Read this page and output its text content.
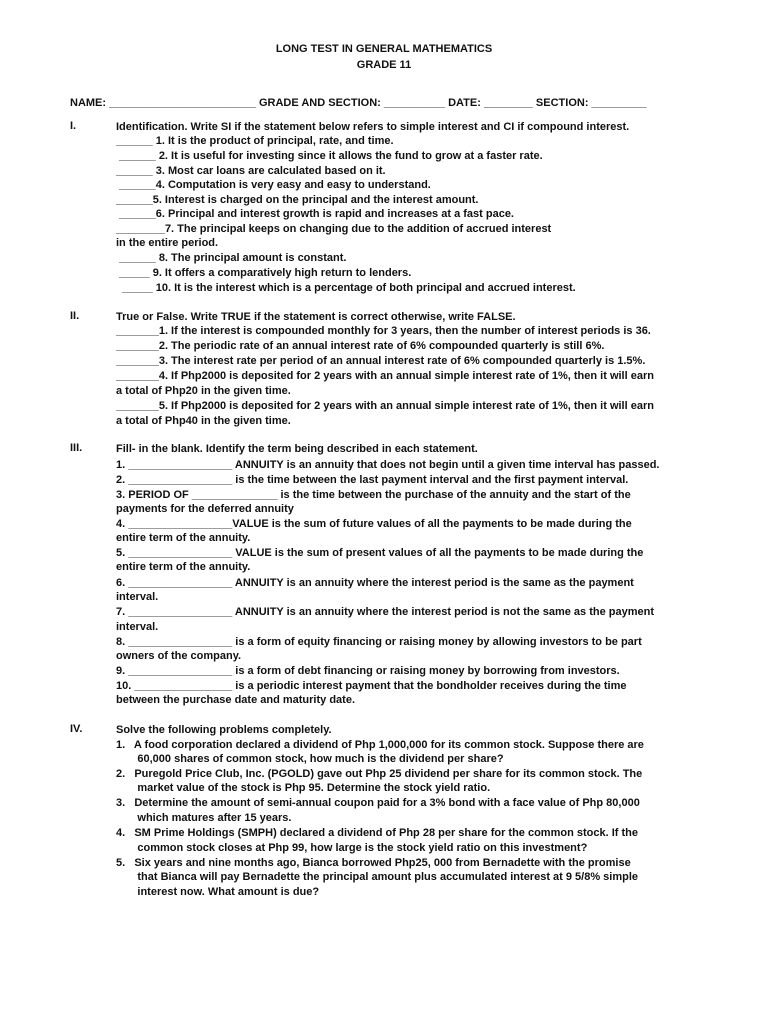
LONG TEST IN GENERAL MATHEMATICS
GRADE 11
NAME: ________________________ GRADE AND SECTION: __________ DATE: ________ SECTION: _________
I.	Identification. Write SI if the statement below refers to simple interest and CI if compound interest.
______ 1. It is the product of principal, rate, and time.
______ 2. It is useful for investing since it allows the fund to grow at a faster rate.
______ 3. Most car loans are calculated based on it.
______4. Computation is very easy and easy to understand.
______5. Interest is charged on the principal and the interest amount.
______6. Principal and interest growth is rapid and increases at a fast pace.
________7. The principal keeps on changing due to the addition of accrued interest
in the entire period.
______ 8. The principal amount is constant.
_____ 9. It offers a comparatively high return to lenders.
_____ 10. It is the interest which is a percentage of both principal and accrued interest.
II.	True or False. Write TRUE if the statement is correct otherwise, write FALSE.
_______1. If the interest is compounded monthly for 3 years, then the number of interest periods is 36.
_______2. The periodic rate of an annual interest rate of 6% compounded quarterly is still 6%.
_______3. The interest rate per period of an annual interest rate of 6% compounded quarterly is 1.5%.
_______4. If Php2000 is deposited for 2 years with an annual simple interest rate of 1%, then it will earn
a total of Php20 in the given time.
_______5. If Php2000 is deposited for 2 years with an annual simple interest rate of 1%, then it will earn
a total of Php40 in the given time.
III.	Fill- in the blank. Identify the term being described in each statement.
1. _________________ ANNUITY is an annuity that does not begin until a given time interval has passed.
2. _________________ is the time between the last payment interval and the first payment interval.
3. PERIOD OF ______________ is the time between the purchase of the annuity and the start of the
payments for the deferred annuity
4. _________________VALUE is the sum of future values of all the payments to be made during the
entire term of the annuity.
5. _________________ VALUE is the sum of present values of all the payments to be made during the
entire term of the annuity.
6. _________________ ANNUITY is an annuity where the interest period is the same as the payment
interval.
7. _________________ ANNUITY is an annuity where the interest period is not the same as the payment
interval.
8. _________________ is a form of equity financing or raising money by allowing investors to be part
owners of the company.
9. _________________ is a form of debt financing or raising money by borrowing from investors.
10. ________________ is a periodic interest payment that the bondholder receives during the time
between the purchase date and maturity date.
IV.	Solve the following problems completely.
1.   A food corporation declared a dividend of Php 1,000,000 for its common stock. Suppose there are
60,000 shares of common stock, how much is the dividend per share?
2.   Puregold Price Club, Inc. (PGOLD) gave out Php 25 dividend per share for its common stock. The
market value of the stock is Php 95. Determine the stock yield ratio.
3.   Determine the amount of semi-annual coupon paid for a 3% bond with a face value of Php 80,000
which matures after 15 years.
4.   SM Prime Holdings (SMPH) declared a dividend of Php 28 per share for the common stock. If the
common stock closes at Php 99, how large is the stock yield ratio on this investment?
5.   Six years and nine months ago, Bianca borrowed Php25, 000 from Bernadette with the promise
that Bianca will pay Bernadette the principal amount plus accumulated interest at 9 5/8% simple
interest now. What amount is due?
